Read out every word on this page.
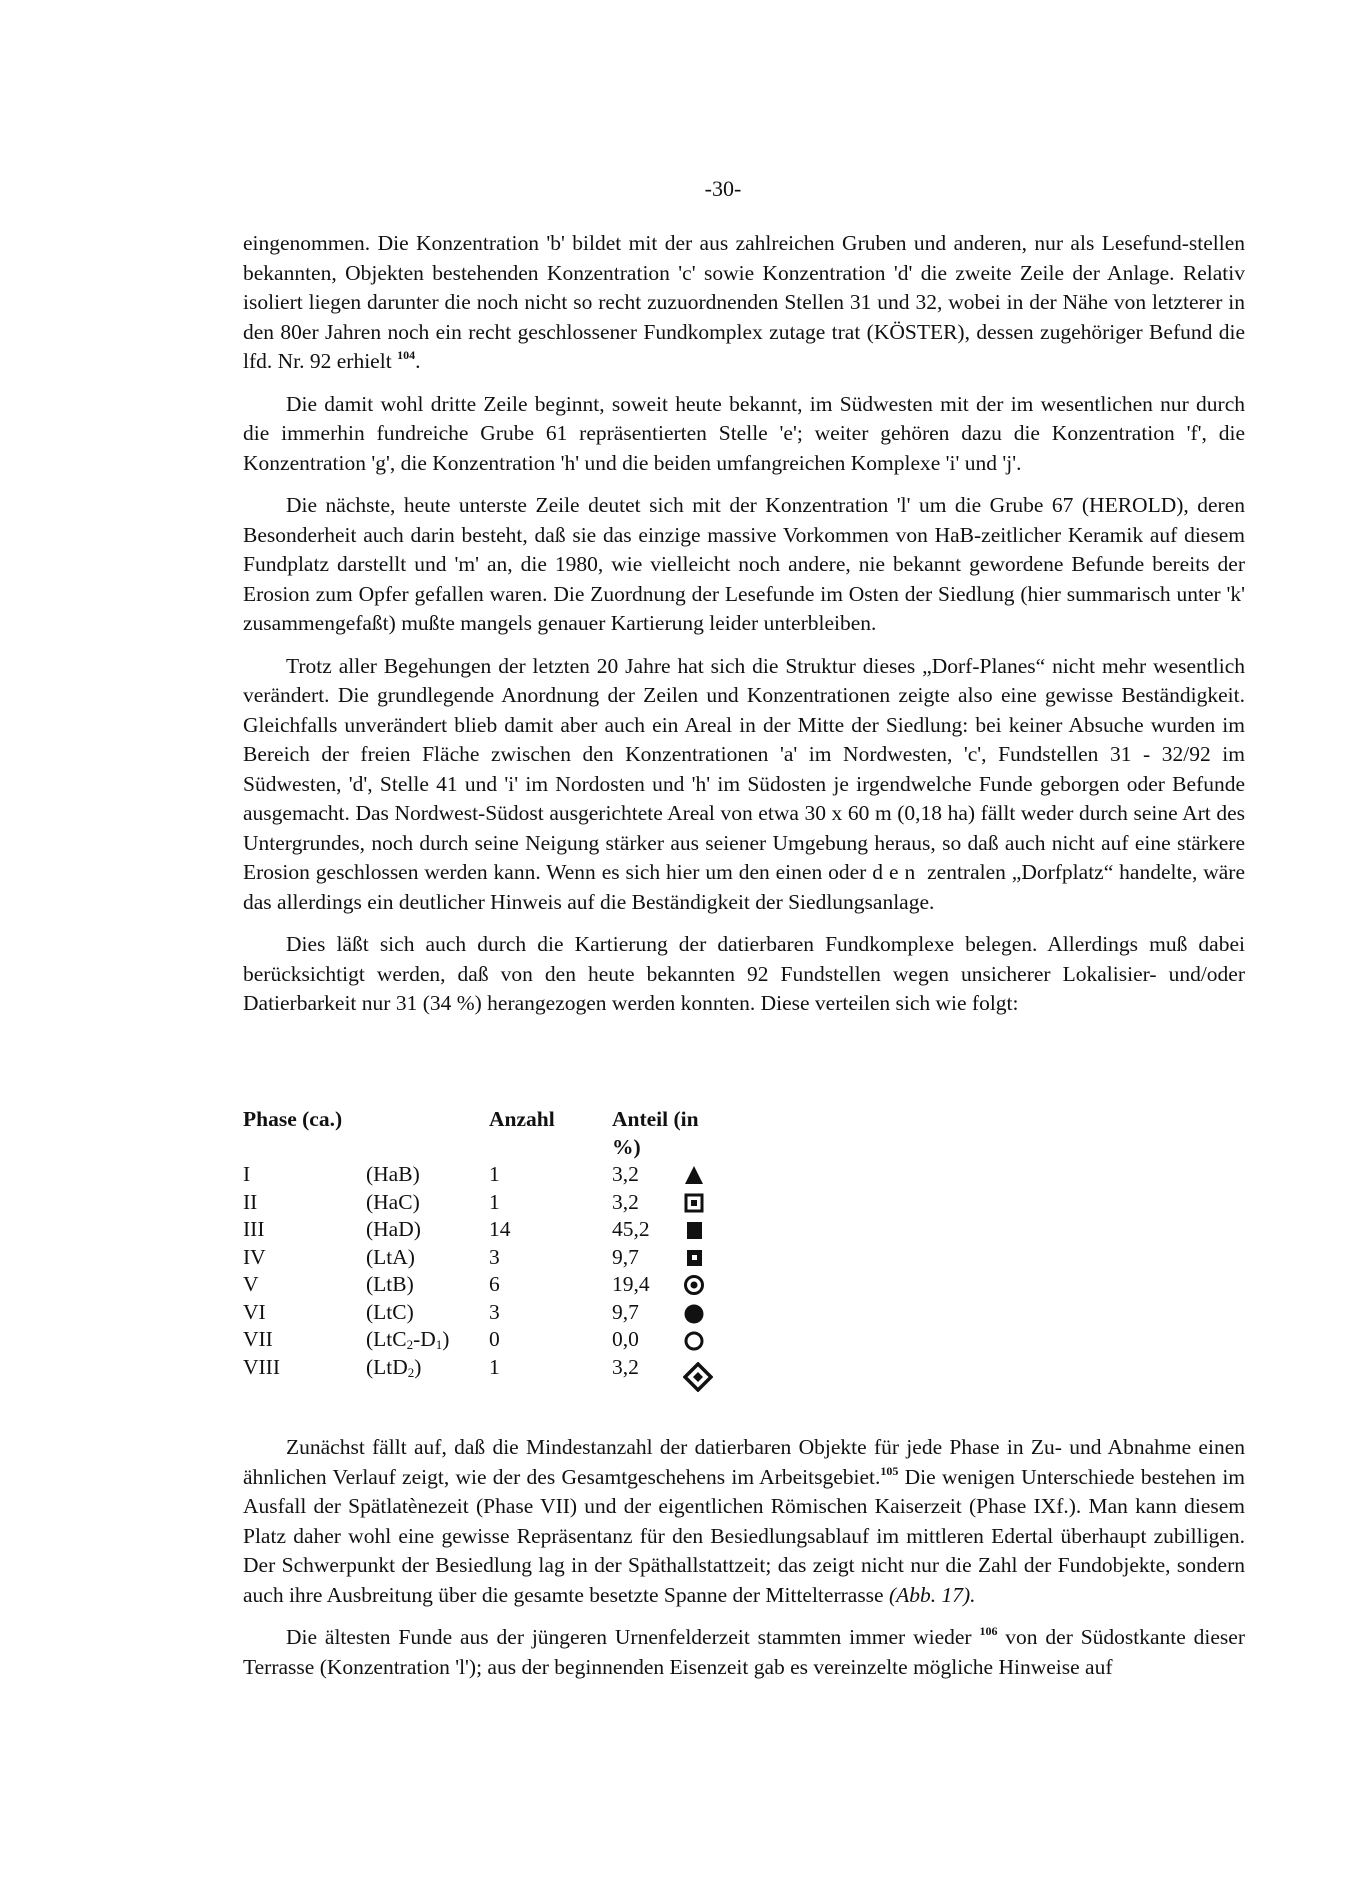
-30-

eingenommen. Die Konzentration 'b' bildet mit der aus zahlreichen Gruben und anderen, nur als Lesefund-stellen bekannten, Objekten bestehenden Konzentration 'c' sowie Konzentration 'd' die zweite Zeile der Anlage. Relativ isoliert liegen darunter die noch nicht so recht zuzuordnenden Stellen 31 und 32, wobei in der Nähe von letzterer in den 80er Jahren noch ein recht geschlossener Fundkomplex zutage trat (KÖSTER), dessen zugehöriger Befund die lfd. Nr. 92 erhielt $^{104}$.

Die damit wohl dritte Zeile beginnt, soweit heute bekannt, im Südwesten mit der im wesentlichen nur durch die immerhin fundreiche Grube 61 repräsentierten Stelle 'e'; weiter gehören dazu die Konzentration 'f', die Konzentration 'g', die Konzentration 'h' und die beiden umfangreichen Komplexe 'i' und 'j'.

Die nächste, heute unterste Zeile deutet sich mit der Konzentration 'l' um die Grube 67 (HEROLD), deren Besonderheit auch darin besteht, daß sie das einzige massive Vorkommen von HaB-zeitlicher Keramik auf diesem Fundplatz darstellt und 'm' an, die 1980, wie vielleicht noch andere, nie bekannt gewordene Befunde bereits der Erosion zum Opfer gefallen waren. Die Zuordnung der Lesefunde im Osten der Siedlung (hier summarisch unter 'k' zusammengefaßt) mußte mangels genauer Kartierung leider unterbleiben.

Trotz aller Begehungen der letzten 20 Jahre hat sich die Struktur dieses „Dorf-Planes“ nicht mehr wesentlich verändert. Die grundlegende Anordnung der Zeilen und Konzentrationen zeigte also eine gewisse Beständigkeit. Gleichfalls unverändert blieb damit aber auch ein Areal in der Mitte der Siedlung: bei keiner Absuche wurden im Bereich der freien Fläche zwischen den Konzentrationen 'a' im Nordwesten, 'c', Fundstellen 31 - 32/92 im Südwesten, 'd', Stelle 41 und 'i' im Nordosten und 'h' im Südosten je irgendwelche Funde geborgen oder Befunde ausgemacht. Das Nordwest-Südost ausgerichtete Areal von etwa 30 x 60 m (0,18 ha) fällt weder durch seine Art des Untergrundes, noch durch seine Neigung stärker aus seiener Umgebung heraus, so daß auch nicht auf eine stärkere Erosion geschlossen werden kann. Wenn es sich hier um den einen oder den zentralen „Dorfplatz“ handelte, wäre das allerdings ein deutlicher Hinweis auf die Beständigkeit der Siedlungsanlage.

Dies läßt sich auch durch die Kartierung der datierbaren Fundkomplexe belegen. Allerdings muß dabei berücksichtigt werden, daß von den heute bekannten 92 Fundstellen wegen unsicherer Lokalisier- und/oder Datierbarkeit nur 31 (34 %) herangezogen werden konnten. Diese verteilen sich wie folgt:

Phase (ca.)		Anzahl	Anteil (in %)	
I	(HaB)	1	3,2	

II	(HaC)	1	3,2	

III	(HaD)	14	45,2	

IV	(LtA)	3	9,7	

V	(LtB)	6	19,4	

VI	(LtC)	3	9,7	

VII	$(LtC_2-D_1)$	0	0,0	

VIII	(LtD$_2$)	1	3,2	

Zunächst fällt auf, daß die Mindestanzahl der datierbaren Objekte für jede Phase in Zu- und Abnahme einen ähnlichen Verlauf zeigt, wie der des Gesamtgeschehens im Arbeitsgebiet.$^{105}$ Die wenigen Unterschiede bestehen im Ausfall der Spätlatènezeit (Phase VII) und der eigentlichen Römischen Kaiserzeit (Phase IXf.). Man kann diesem Platz daher wohl eine gewisse Repräsentanz für den Besiedlungsablauf im mittleren Edertal überhaupt zubilligen. Der Schwerpunkt der Besiedlung lag in der Späthallstattzeit; das zeigt nicht nur die Zahl der Fundobjekte, sondern auch ihre Ausbreitung über die gesamte besetzte Spanne der Mittelterrasse (Abb. 17).

Die ältesten Funde aus der jüngeren Urnenfelderzeit stammten immer wieder $^{106}$ von der Südostkante dieser Terrasse (Konzentration 'l'); aus der beginnenden Eisenzeit gab es vereinzelte mögliche Hinweise auf
